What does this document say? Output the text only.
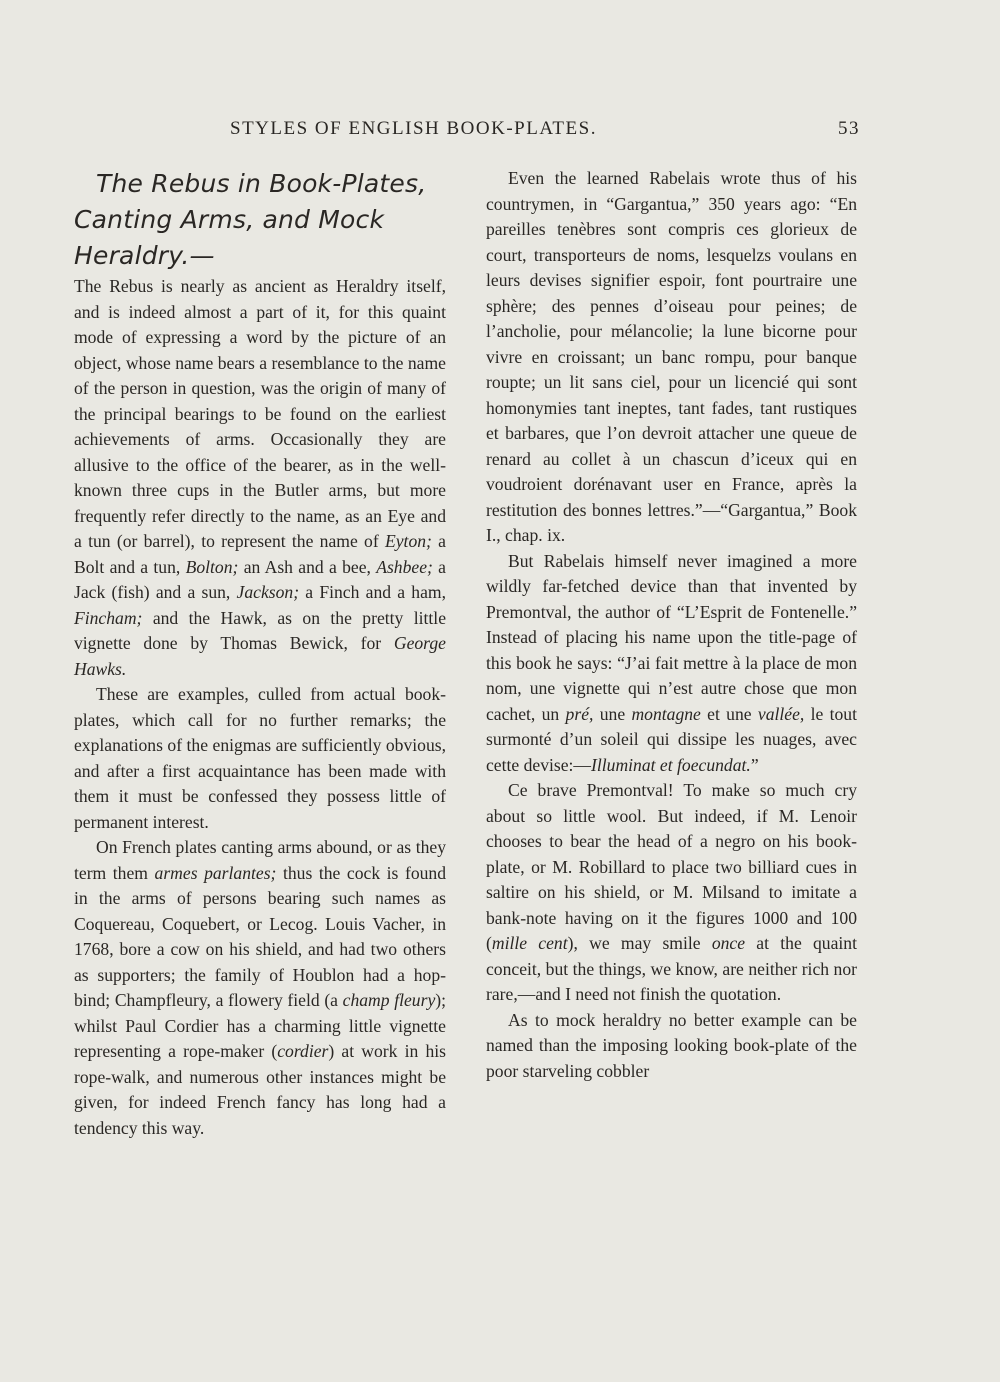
STYLES OF ENGLISH BOOK-PLATES.	53

The Rebus in Book-Plates, Canting Arms, and Mock Heraldry.—

The Rebus is nearly as ancient as Heraldry itself, and is indeed almost a part of it, for this quaint mode of expressing a word by the picture of an object, whose name bears a resemblance to the name of the person in question, was the origin of many of the principal bearings to be found on the earliest achievements of arms. Occasionally they are allusive to the office of the bearer, as in the well-known three cups in the Butler arms, but more frequently refer directly to the name, as an Eye and a tun (or barrel), to represent the name of Eyton; a Bolt and a tun, Bolton; an Ash and a bee, Ashbee; a Jack (fish) and a sun, Jackson; a Finch and a ham, Fincham; and the Hawk, as on the pretty little vignette done by Thomas Bewick, for George Hawks.

These are examples, culled from actual book-plates, which call for no further remarks; the explanations of the enigmas are sufficiently obvious, and after a first acquaintance has been made with them it must be confessed they possess little of permanent interest.

On French plates canting arms abound, or as they term them armes parlantes; thus the cock is found in the arms of persons bearing such names as Coquereau, Coquebert, or Lecog. Louis Vacher, in 1768, bore a cow on his shield, and had two others as supporters; the family of Houblon had a hop-bind; Champfleury, a flowery field (a champ fleury); whilst Paul Cordier has a charming little vignette representing a rope-maker (cordier) at work in his rope-walk, and numerous other instances might be given, for indeed French fancy has long had a tendency this way.

Even the learned Rabelais wrote thus of his countrymen, in “Gargantua,” 350 years ago: “En pareilles tenèbres sont compris ces glorieux de court, transporteurs de noms, lesquelzs voulans en leurs devises signifier espoir, font pourtraire une sphère; des pennes d’oiseau pour peines; de l’ancholie, pour mélancolie; la lune bicorne pour vivre en croissant; un banc rompu, pour banque roupte; un lit sans ciel, pour un licencié qui sont homonymies tant ineptes, tant fades, tant rustiques et barbares, que l’on devroit attacher une queue de renard au collet à un chascun d’iceux qui en voudroient dorénavant user en France, après la restitution des bonnes lettres.”—“Gargantua,” Book I., chap. ix.

But Rabelais himself never imagined a more wildly far-fetched device than that invented by Premontval, the author of “L’Esprit de Fontenelle.” Instead of placing his name upon the title-page of this book he says: “J’ai fait mettre à la place de mon nom, une vignette qui n’est autre chose que mon cachet, un pré, une montagne et une vallée, le tout surmonté d’un soleil qui dissipe les nuages, avec cette devise:—Illuminat et foecundat.”

Ce brave Premontval! To make so much cry about so little wool. But indeed, if M. Lenoir chooses to bear the head of a negro on his book-plate, or M. Robillard to place two billiard cues in saltire on his shield, or M. Milsand to imitate a bank-note having on it the figures 1000 and 100 (mille cent), we may smile once at the quaint conceit, but the things, we know, are neither rich nor rare,—and I need not finish the quotation.

As to mock heraldry no better example can be named than the imposing looking book-plate of the poor starveling cobbler
